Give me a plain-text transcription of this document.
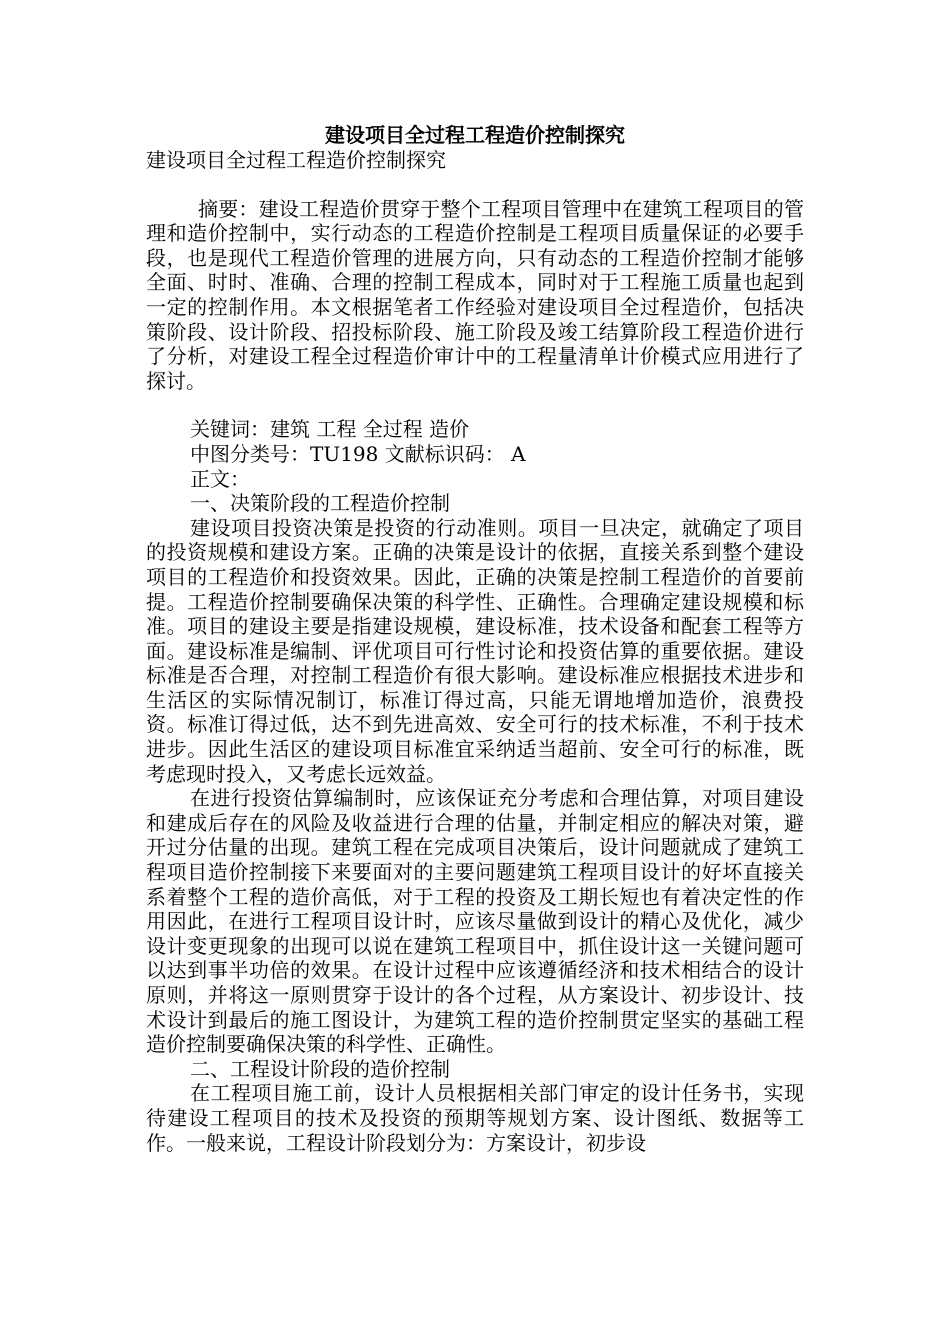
建设项目全过程工程造价控制探究

建设项目全过程工程造价控制探究

摘要：建设工程造价贯穿于整个工程项目管理中在建筑工程项目的管理和造价控制中，实行动态的工程造价控制是工程项目质量保证的必要手段，也是现代工程造价管理的进展方向，只有动态的工程造价控制才能够全面、时时、准确、合理的控制工程成本，同时对于工程施工质量也起到一定的控制作用。本文根据笔者工作经验对建设项目全过程造价，包括决策阶段、设计阶段、招投标阶段、施工阶段及竣工结算阶段工程造价进行了分析，对建设工程全过程造价审计中的工程量清单计价模式应用进行了探讨。

关键词：建筑 工程 全过程 造价

中图分类号：TU198 文献标识码： A

正文：

一、决策阶段的工程造价控制

建设项目投资决策是投资的行动准则。项目一旦决定，就确定了项目的投资规模和建设方案。正确的决策是设计的依据，直接关系到整个建设项目的工程造价和投资效果。因此，正确的决策是控制工程造价的首要前提。工程造价控制要确保决策的科学性、正确性。合理确定建设规模和标准。项目的建设主要是指建设规模，建设标准，技术设备和配套工程等方面。建设标准是编制、评优项目可行性讨论和投资估算的重要依据。建设标准是否合理，对控制工程造价有很大影响。建设标准应根据技术进步和生活区的实际情况制订，标准订得过高，只能无谓地增加造价，浪费投资。标准订得过低，达不到先进高效、安全可行的技术标准，不利于技术进步。因此生活区的建设项目标准宜采纳适当超前、安全可行的标准，既考虑现时投入，又考虑长远效益。

在进行投资估算编制时，应该保证充分考虑和合理估算，对项目建设和建成后存在的风险及收益进行合理的估量，并制定相应的解决对策，避开过分估量的出现。建筑工程在完成项目决策后，设计问题就成了建筑工程项目造价控制接下来要面对的主要问题建筑工程项目设计的好坏直接关系着整个工程的造价高低，对于工程的投资及工期长短也有着决定性的作用因此，在进行工程项目设计时，应该尽量做到设计的精心及优化，减少设计变更现象的出现可以说在建筑工程项目中，抓住设计这一关键问题可以达到事半功倍的效果。在设计过程中应该遵循经济和技术相结合的设计原则，并将这一原则贯穿于设计的各个过程，从方案设计、初步设计、技术设计到最后的施工图设计，为建筑工程的造价控制贯定坚实的基础工程造价控制要确保决策的科学性、正确性。

二、工程设计阶段的造价控制

在工程项目施工前，设计人员根据相关部门审定的设计任务书，实现待建设工程项目的技术及投资的预期等规划方案、设计图纸、数据等工作。一般来说，工程设计阶段划分为：方案设计，初步设
